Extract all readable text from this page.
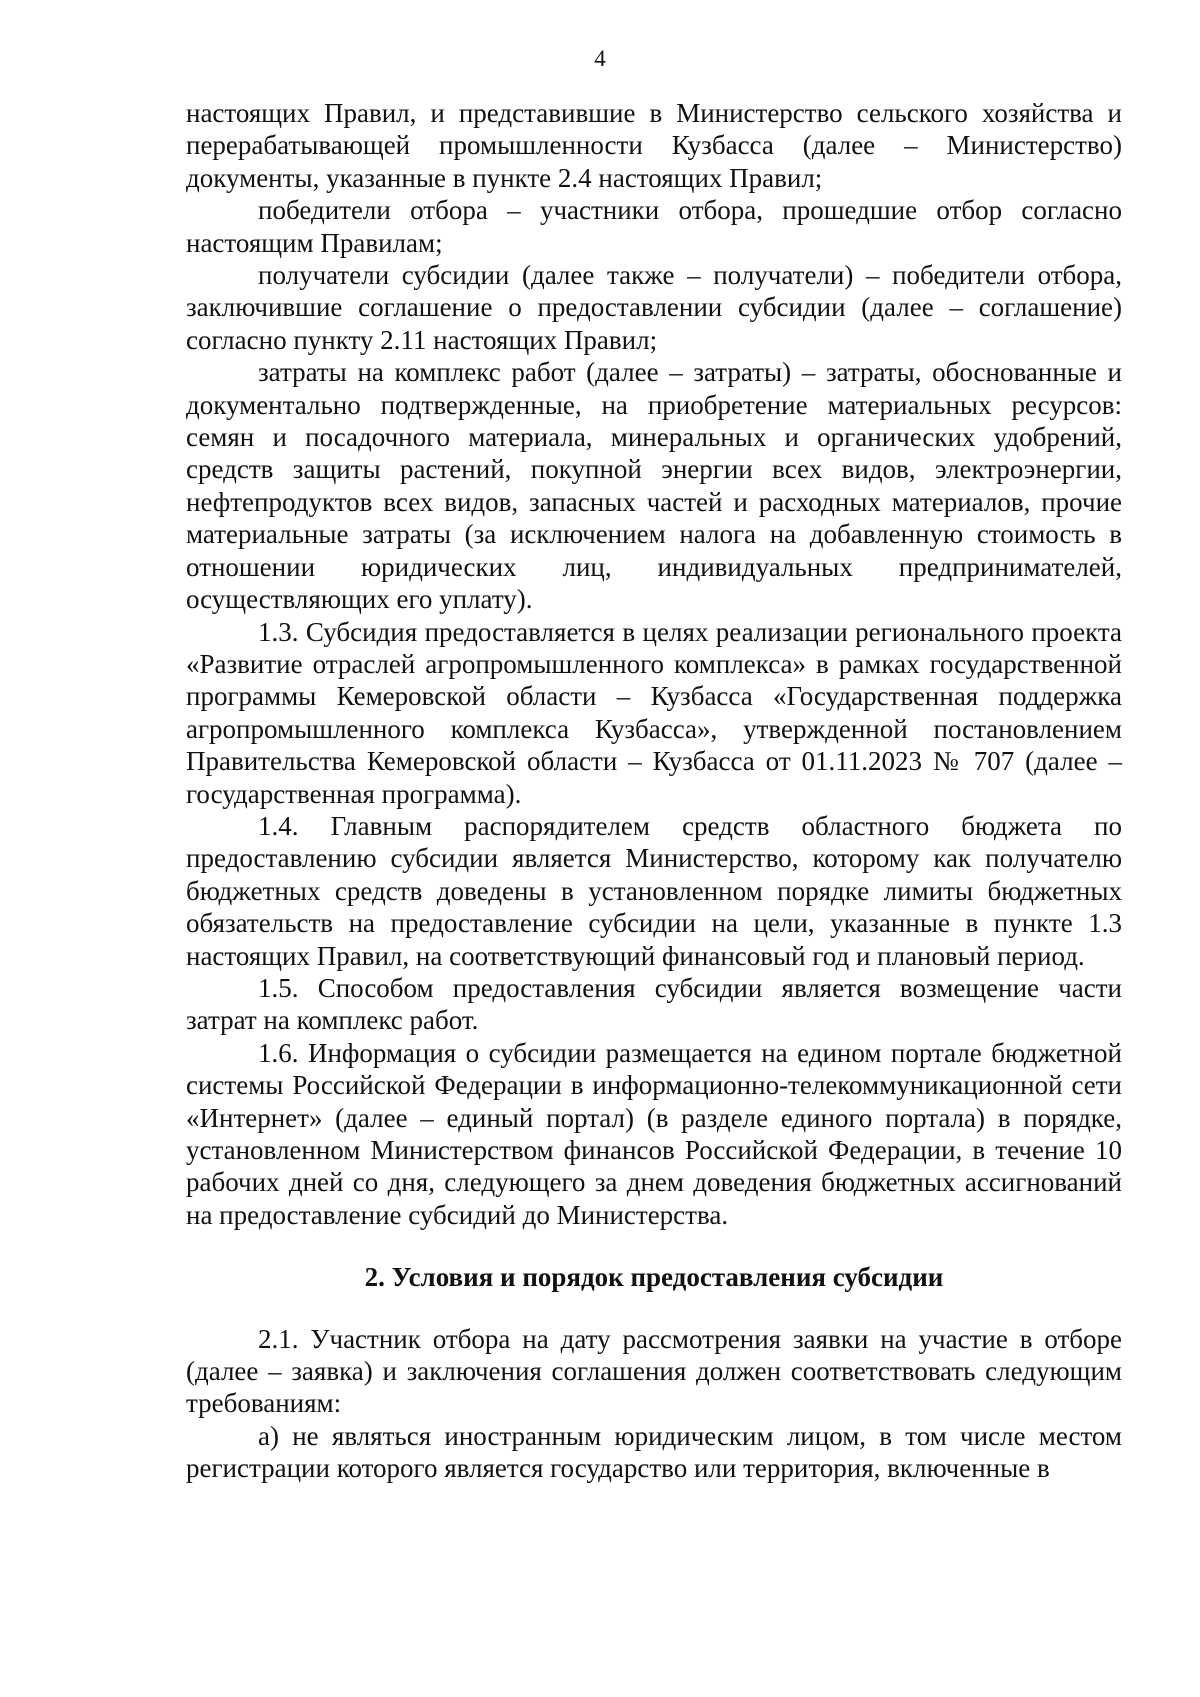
4

настоящих Правил, и представившие в Министерство сельского хозяйства и перерабатывающей промышленности Кузбасса (далее – Министерство) документы, указанные в пункте 2.4 настоящих Правил;

победители отбора – участники отбора, прошедшие отбор согласно настоящим Правилам;

получатели субсидии (далее также – получатели) – победители отбора, заключившие соглашение о предоставлении субсидии (далее – соглашение) согласно пункту 2.11 настоящих Правил;

затраты на комплекс работ (далее – затраты) – затраты, обоснованные и документально подтвержденные, на приобретение материальных ресурсов: семян и посадочного материала, минеральных и органических удобрений, средств защиты растений, покупной энергии всех видов, электроэнергии, нефтепродуктов всех видов, запасных частей и расходных материалов, прочие материальные затраты (за исключением налога на добавленную стоимость в отношении юридических лиц, индивидуальных предпринимателей, осуществляющих его уплату).

1.3. Субсидия предоставляется в целях реализации регионального проекта «Развитие отраслей агропромышленного комплекса» в рамках государственной программы Кемеровской области – Кузбасса «Государственная поддержка агропромышленного комплекса Кузбасса», утвержденной постановлением Правительства Кемеровской области – Кузбасса от 01.11.2023 № 707 (далее – государственная программа).

1.4. Главным распорядителем средств областного бюджета по предоставлению субсидии является Министерство, которому как получателю бюджетных средств доведены в установленном порядке лимиты бюджетных обязательств на предоставление субсидии на цели, указанные в пункте 1.3 настоящих Правил, на соответствующий финансовый год и плановый период.

1.5. Способом предоставления субсидии является возмещение части затрат на комплекс работ.

1.6. Информация о субсидии размещается на едином портале бюджетной системы Российской Федерации в информационно-телекоммуникационной сети «Интернет» (далее – единый портал) (в разделе единого портала) в порядке, установленном Министерством финансов Российской Федерации, в течение 10 рабочих дней со дня, следующего за днем доведения бюджетных ассигнований на предоставление субсидий до Министерства.

2. Условия и порядок предоставления субсидии

2.1. Участник отбора на дату рассмотрения заявки на участие в отборе (далее – заявка) и заключения соглашения должен соответствовать следующим требованиям:

а) не являться иностранным юридическим лицом, в том числе местом регистрации которого является государство или территория, включенные в
